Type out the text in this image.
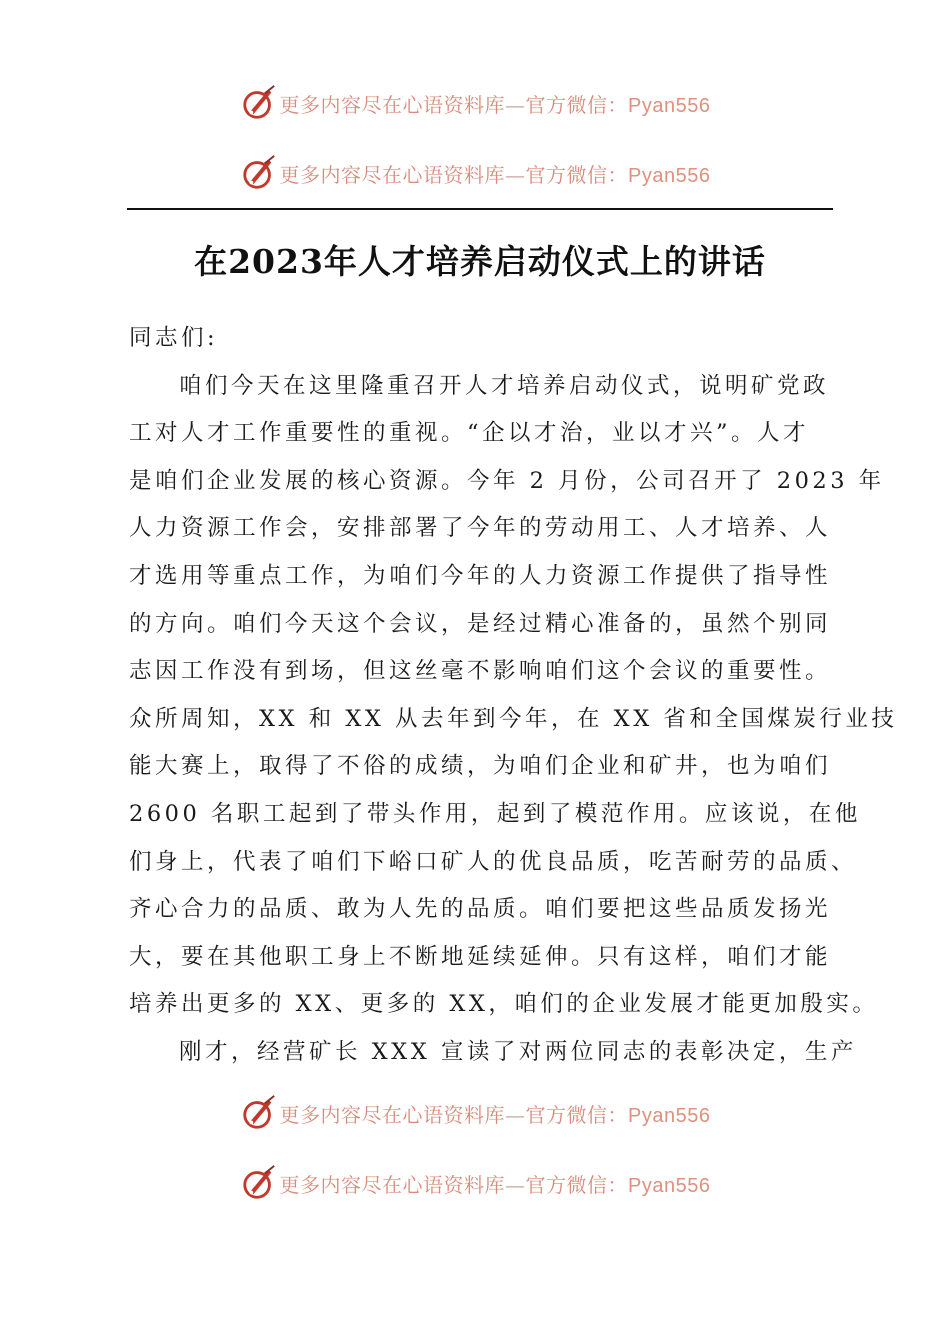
更多内容尽在心语资料库—官方微信：Pyan556
更多内容尽在心语资料库—官方微信：Pyan556
在2023年人才培养启动仪式上的讲话

同志们:

咱们今天在这里隆重召开人才培养启动仪式，说明矿党政
工对人才工作重要性的重视。“企以才治，业以才兴”。人才
是咱们企业发展的核心资源。今年 2 月份，公司召开了 2023 年
人力资源工作会，安排部署了今年的劳动用工、人才培养、人
才选用等重点工作，为咱们今年的人力资源工作提供了指导性
的方向。咱们今天这个会议，是经过精心准备的，虽然个别同
志因工作没有到场，但这丝毫不影响咱们这个会议的重要性。
众所周知，XX 和 XX 从去年到今年，在 XX 省和全国煤炭行业技
能大赛上，取得了不俗的成绩，为咱们企业和矿井，也为咱们
2600 名职工起到了带头作用，起到了模范作用。应该说，在他
们身上，代表了咱们下峪口矿人的优良品质，吃苦耐劳的品质、
齐心合力的品质、敢为人先的品质。咱们要把这些品质发扬光
大，要在其他职工身上不断地延续延伸。只有这样，咱们才能
培养出更多的 XX、更多的 XX，咱们的企业发展才能更加殷实。
刚才，经营矿长 XXX 宣读了对两位同志的表彰决定，生产
更多内容尽在心语资料库—官方微信：Pyan556
更多内容尽在心语资料库—官方微信：Pyan556
